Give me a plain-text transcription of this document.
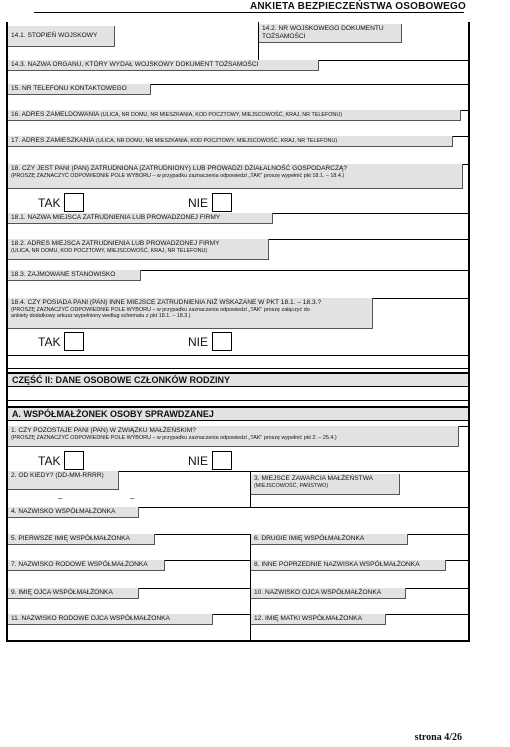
ANKIETA BEZPIECZEŃSTWA OSOBOWEGO
14.1. STOPIEŃ WOJSKOWY
14.2. NR WOJSKOWEGO DOKUMENTU
TOŻSAMOŚCI
14.3. NAZWA ORGANU, KTÓRY WYDAŁ WOJSKOWY DOKUMENT TOŻSAMOŚCI
15. NR TELEFONU KONTAKTOWEGO
16. ADRES ZAMELDOWANIA (ULICA, NR DOMU, NR MIESZKANIA, KOD POCZTOWY, MIEJSCOWOŚĆ, KRAJ, NR TELEFONU)
17. ADRES ZAMIESZKANIA (ULICA, NR DOMU, NR MIESZKANIA, KOD POCZTOWY, MIEJSCOWOŚĆ, KRAJ, NR TELEFONU)
18. CZY JEST PANI (PAN) ZATRUDNIONA (ZATRUDNIONY) LUB PROWADZI DZIAŁALNOŚĆ GOSPODARCZĄ?
(PROSZĘ ZAZNACZYĆ ODPOWIEDNIE POLE WYBORU – w przypadku zaznaczenia odpowiedzi „TAK" proszę wypełnić pkt 18.1. – 18.4.)
TAK	NIE
18.1. NAZWA MIEJSCA ZATRUDNIENIA LUB PROWADZONEJ FIRMY
18.2. ADRES MIEJSCA ZATRUDNIENIA LUB PROWADZONEJ FIRMY
(ULICA, NR DOMU, KOD POCZTOWY, MIEJSCOWOŚĆ, KRAJ, NR TELEFONU)
18.3. ZAJMOWANE STANOWISKO
18.4. CZY POSIADA PANI (PAN) INNE MIEJSCE ZATRUDNIENIA NIŻ WSKAZANE W PKT 18.1. – 18.3.?
(PROSZĘ ZAZNACZYĆ ODPOWIEDNIE POLE WYBORU – w przypadku zaznaczenia odpowiedzi „TAK" proszę załączyć do
ankiety dodatkowy arkusz wypełniony według schematu z pkt 18.1. – 18.3.)
TAK	NIE
CZĘŚĆ II: DANE OSOBOWE CZŁONKÓW RODZINY
A. WSPÓŁMAŁŻONEK OSOBY SPRAWDZANEJ
1. CZY POZOSTAJE PANI (PAN) W ZWIĄZKU MAŁŻEŃSKIM?
(PROSZĘ ZAZNACZYĆ ODPOWIEDNIE POLE WYBORU – w przypadku zaznaczenia odpowiedzi „TAK" proszę wypełnić pkt 2. – 25.4.)
TAK	NIE
2. OD KIEDY? (DD-MM-RRRR)
–	–
3. MIEJSCE ZAWARCIA MAŁŻEŃSTWA
(MIEJSCOWOŚĆ, PAŃSTWO)
4. NAZWISKO WSPÓŁMAŁŻONKA
5. PIERWSZE IMIĘ WSPÓŁMAŁŻONKA	6. DRUGIE IMIĘ WSPÓŁMAŁŻONKA
7. NAZWISKO RODOWE WSPÓŁMAŁŻONKA	8. INNE POPRZEDNIE NAZWISKA WSPÓŁMAŁŻONKA
9. IMIĘ OJCA WSPÓŁMAŁŻONKA	10. NAZWISKO OJCA WSPÓŁMAŁŻONKA
11. NAZWISKO RODOWE OJCA WSPÓŁMAŁŻONKA	12. IMIĘ MATKI WSPÓŁMAŁŻONKA
strona 4/26
